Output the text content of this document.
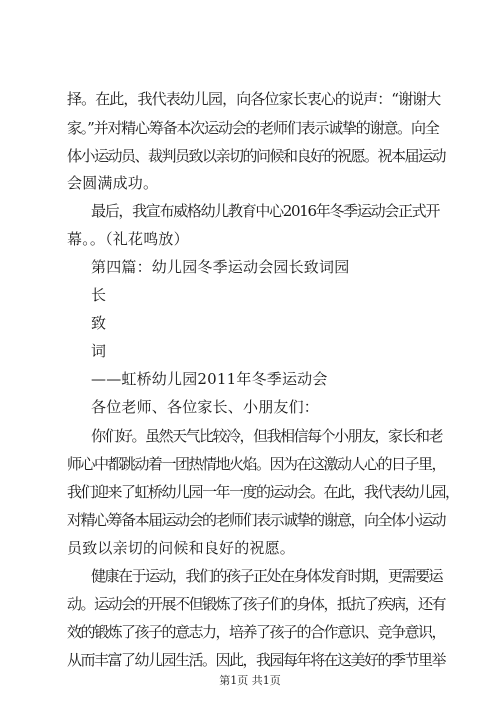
择。在此，我代表幼儿园，向各位家长衷心的说声：“谢谢大
家。”并对精心筹备本次运动会的老师们表示诚挚的谢意。向全
体小运动员、裁判员致以亲切的问候和良好的祝愿。祝本届运动
会圆满成功。
最后，我宣布威格幼儿教育中心2016年冬季运动会正式开
幕。。（礼花鸣放）
第四篇：幼儿园冬季运动会园长致词园
长
致
词
——虹桥幼儿园2011年冬季运动会
各位老师、各位家长、小朋友们：
你们好。虽然天气比较冷，但我相信每个小朋友，家长和老
师心中都跳动着一团热情地火焰。因为在这激动人心的日子里，
我们迎来了虹桥幼儿园一年一度的运动会。在此，我代表幼儿园，
对精心筹备本届运动会的老师们表示诚挚的谢意，向全体小运动
员致以亲切的问候和良好的祝愿。
健康在于运动，我们的孩子正处在身体发育时期，更需要运
动。运动会的开展不但锻炼了孩子们的身体，抵抗了疾病，还有
效的锻炼了孩子的意志力，培养了孩子的合作意识、竞争意识，
从而丰富了幼儿园生活。因此，我园每年将在这美好的季节里举
第1页 共1页
